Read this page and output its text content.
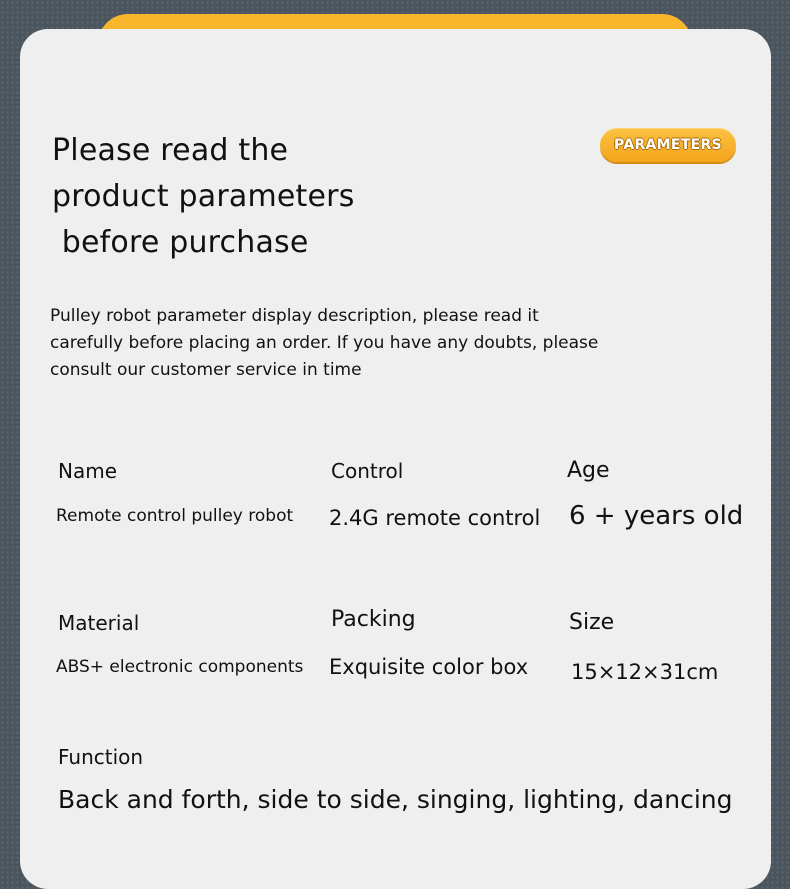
Please read the
product parameters
before purchase
PARAMETERS

Pulley robot parameter display description, please read it
carefully before placing an order. If you have any doubts, please
consult our customer service in time

Name
Remote control pulley robot
Control
2.4G remote control
Age
6 + years old
Material
ABS+ electronic components
Packing
Exquisite color box
Size
15×12×31cm
Function
Back and forth, side to side, singing, lighting, dancing
